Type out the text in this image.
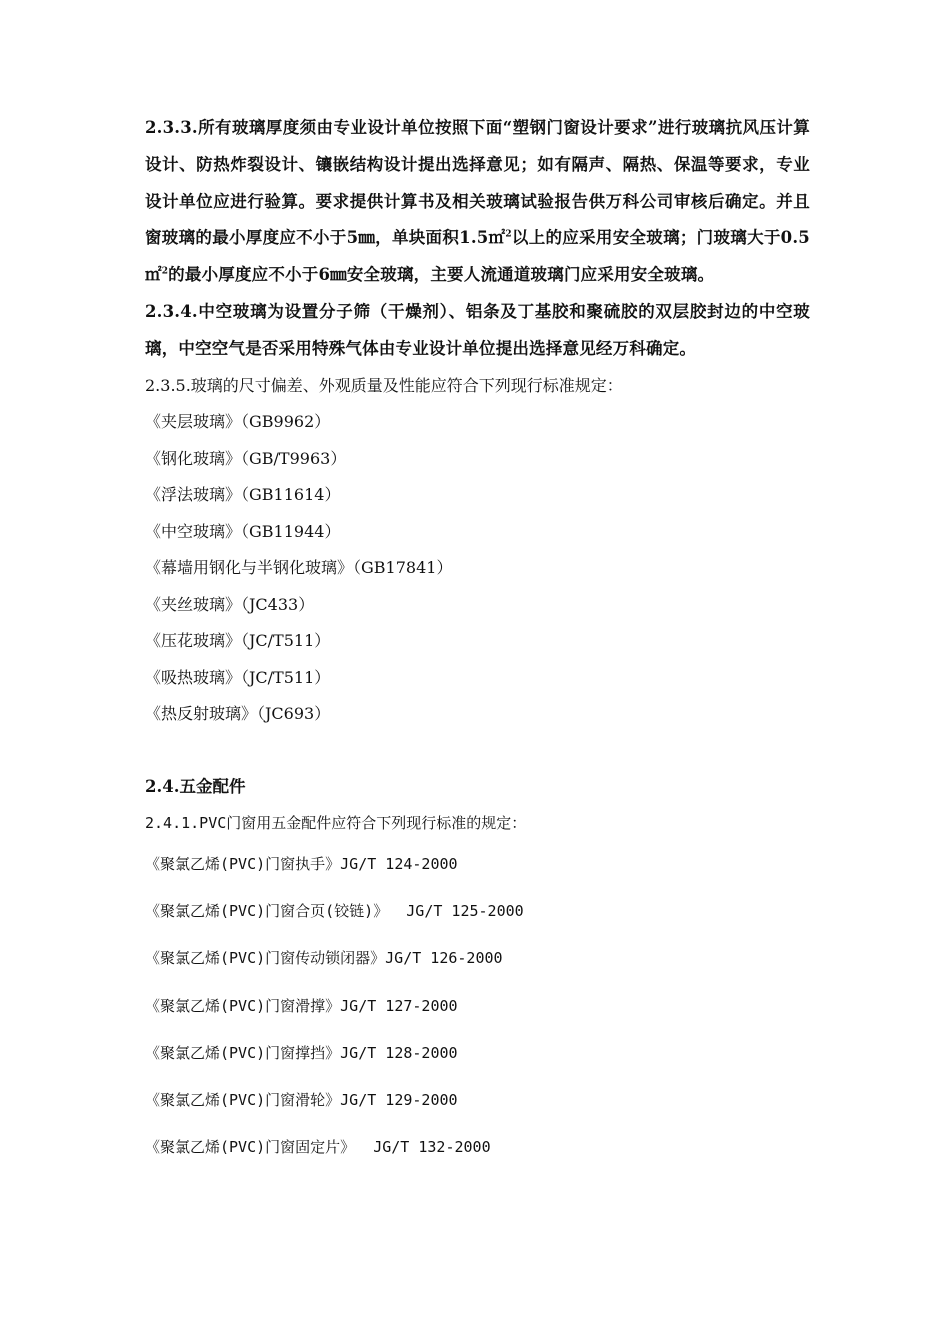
2.3.3.所有玻璃厚度须由专业设计单位按照下面“塑钢门窗设计要求”进行玻璃抗风压计算设计、防热炸裂设计、镶嵌结构设计提出选择意见；如有隔声、隔热、保温等要求，专业设计单位应进行验算。要求提供计算书及相关玻璃试验报告供万科公司审核后确定。并且窗玻璃的最小厚度应不小于5㎜，单块面积1.5㎡$^2$以上的应采用安全玻璃；门玻璃大于0.5㎡$^2$的最小厚度应不小于6㎜安全玻璃，主要人流通道玻璃门应采用安全玻璃。

2.3.4.中空玻璃为设置分子筛（干燥剂）、铝条及丁基胶和聚硫胶的双层胶封边的中空玻璃，中空空气是否采用特殊气体由专业设计单位提出选择意见经万科确定。

2.3.5.玻璃的尺寸偏差、外观质量及性能应符合下列现行标准规定：

《夹层玻璃》（GB9962）
《钢化玻璃》（GB/T9963）
《浮法玻璃》（GB11614）
《中空玻璃》（GB11944）
《幕墙用钢化与半钢化玻璃》（GB17841）
《夹丝玻璃》（JC433）
《压花玻璃》（JC/T511）
《吸热玻璃》（JC/T511）
《热反射玻璃》（JC693）

2.4.五金配件

2.4.1.PVC门窗用五金配件应符合下列现行标准的规定：

《聚氯乙烯(PVC)门窗执手》JG/T 124-2000
《聚氯乙烯(PVC)门窗合页(铰链)》  JG/T 125-2000
《聚氯乙烯(PVC)门窗传动锁闭器》JG/T 126-2000
《聚氯乙烯(PVC)门窗滑撑》JG/T 127-2000
《聚氯乙烯(PVC)门窗撑挡》JG/T 128-2000
《聚氯乙烯(PVC)门窗滑轮》JG/T 129-2000
《聚氯乙烯(PVC)门窗固定片》  JG/T 132-2000
